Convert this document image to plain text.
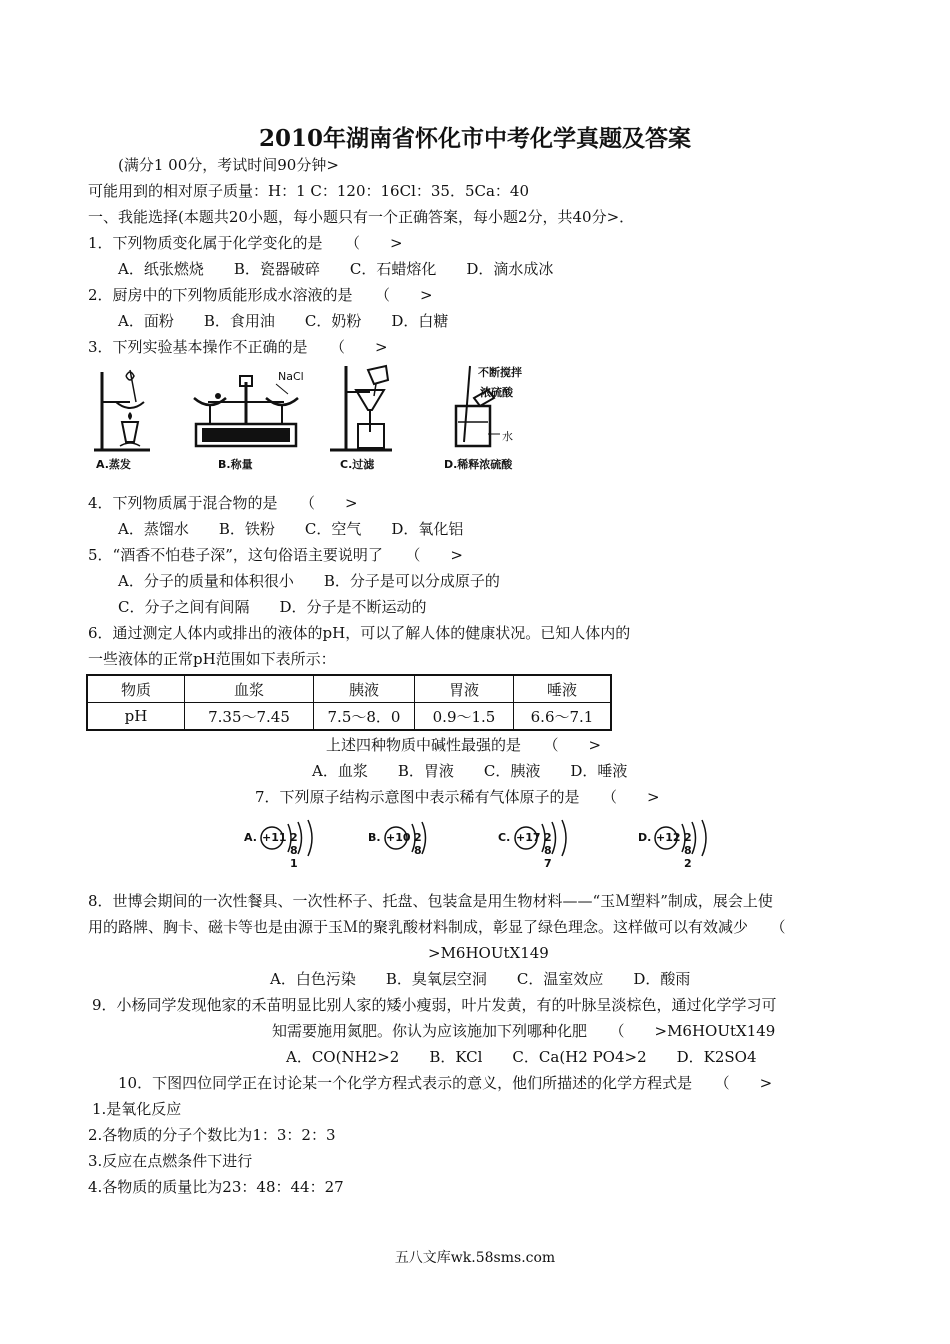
2010年湖南省怀化市中考化学真题及答案
(满分1 00分，考试时间90分钟>
可能用到的相对原子质量：H：1 C：120：16Cl：35．5Ca：40
一、我能选择(本题共20小题，每小题只有一个正确答案，每小题2分，共40分>．
1．下列物质变化属于化学变化的是　　（　　>
A．纸张燃烧　　B．瓷器破碎　　C．石蜡熔化　　D．滴水成冰
2．厨房中的下列物质能形成水溶液的是　　（　　>
A．面粉　　B．食用油　　C．奶粉　　D．白糖
3．下列实验基本操作不正确的是　　（　　>
A.蒸发
NaCl
B.称量	C.过滤
不断搅拌
浓硫酸
水
D.稀释浓硫酸
4．下列物质属于混合物的是　　（　　>
A．蒸馏水　　B．铁粉　　C．空气　　D．氧化铝
5．“酒香不怕巷子深”，这句俗语主要说明了　　（　　>
A．分子的质量和体积很小　　B．分子是可以分成原子的
C．分子之间有间隔　　D．分子是不断运动的
6．通过测定人体内或排出的液体的pH，可以了解人体的健康状况。已知人体内的
一些液体的正常pH范围如下表所示：
物质	血浆	胰液	胃液	唾液
pH	7.35～7.45	7.5～8．0	0.9～1.5	6.6～7.1
上述四种物质中碱性最强的是　　（　　>
A．血浆　　B．胃液　　C．胰液　　D．唾液
7．下列原子结构示意图中表示稀有气体原子的是　　（　　>
A. +11 2 8 1
B. +10 2 8
C. +17 2 8 7
D. +12 2 8 2
8．世博会期间的一次性餐具、一次性杯子、托盘、包装盒是用生物材料——“玉Ｍ塑料”制成，展会上使
用的路牌、胸卡、磁卡等也是由源于玉Ｍ的聚乳酸材料制成，彰显了绿色理念。这样做可以有效减少　　（
>M6HOUtX149
A．白色污染　　B．臭氧层空洞　　C．温室效应　　D．酸雨
9．小杨同学发现他家的禾苗明显比别人家的矮小瘦弱，叶片发黄，有的叶脉呈淡棕色，通过化学学习可
知需要施用氮肥。你认为应该施加下列哪种化肥　　（　　>M6HOUtX149
A．CO(NH2>2　　B．KCl　　C．Ca(H2 PO4>2　　D．K2SO4
10．下图四位同学正在讨论某一个化学方程式表示的意义，他们所描述的化学方程式是　　（　　>
1.是氧化反应
2.各物质的分子个数比为1：3：2：3
3.反应在点燃条件下进行
4.各物质的质量比为23：48：44：27
五八文库wk.58sms.com
